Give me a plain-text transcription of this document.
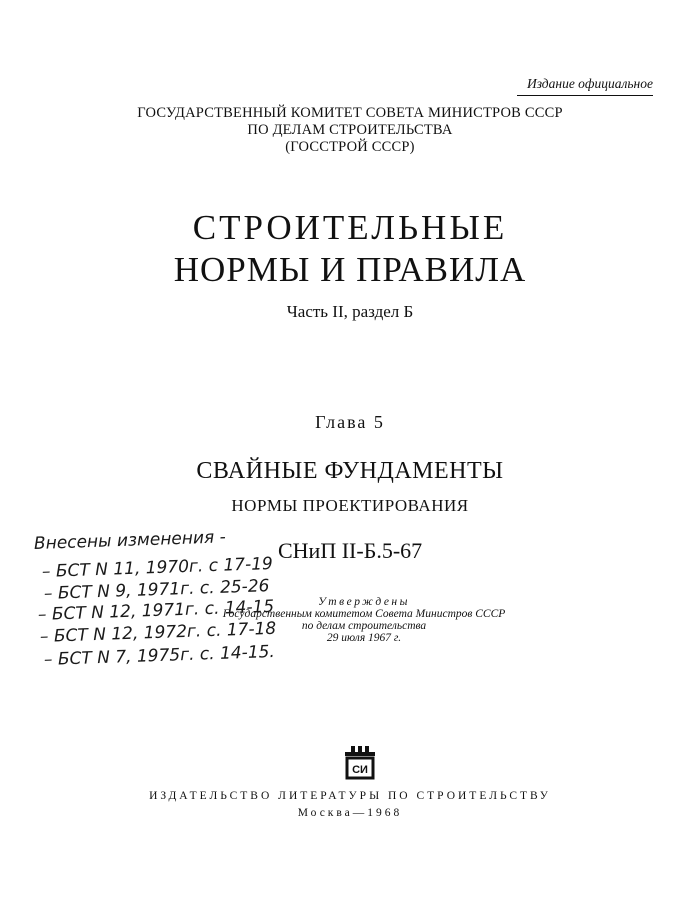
Издание официальное
ГОСУДАРСТВЕННЫЙ КОМИТЕТ СОВЕТА МИНИСТРОВ СССР
ПО ДЕЛАМ СТРОИТЕЛЬСТВА
(ГОССТРОЙ СССР)
СТРОИТЕЛЬНЫЕ
НОРМЫ И ПРАВИЛА
Часть II, раздел Б
Глава 5
СВАЙНЫЕ ФУНДАМЕНТЫ
НОРМЫ ПРОЕКТИРОВАНИЯ
СНиП II-Б.5-67
Утверждены
Государственным комитетом Совета Министров СССР
по делам строительства
29 июля 1967 г.
Внесены изменения -
– БСТ N 11, 1970г. с 17-19
– БСТ N 9, 1971г. с. 25-26
– БСТ N 12, 1971г. с. 14-15
– БСТ N 12, 1972г. с. 17-18
– БСТ N 7, 1975г. с. 14-15.
СИ
ИЗДАТЕЛЬСТВО ЛИТЕРАТУРЫ ПО СТРОИТЕЛЬСТВУ
Москва—1968
